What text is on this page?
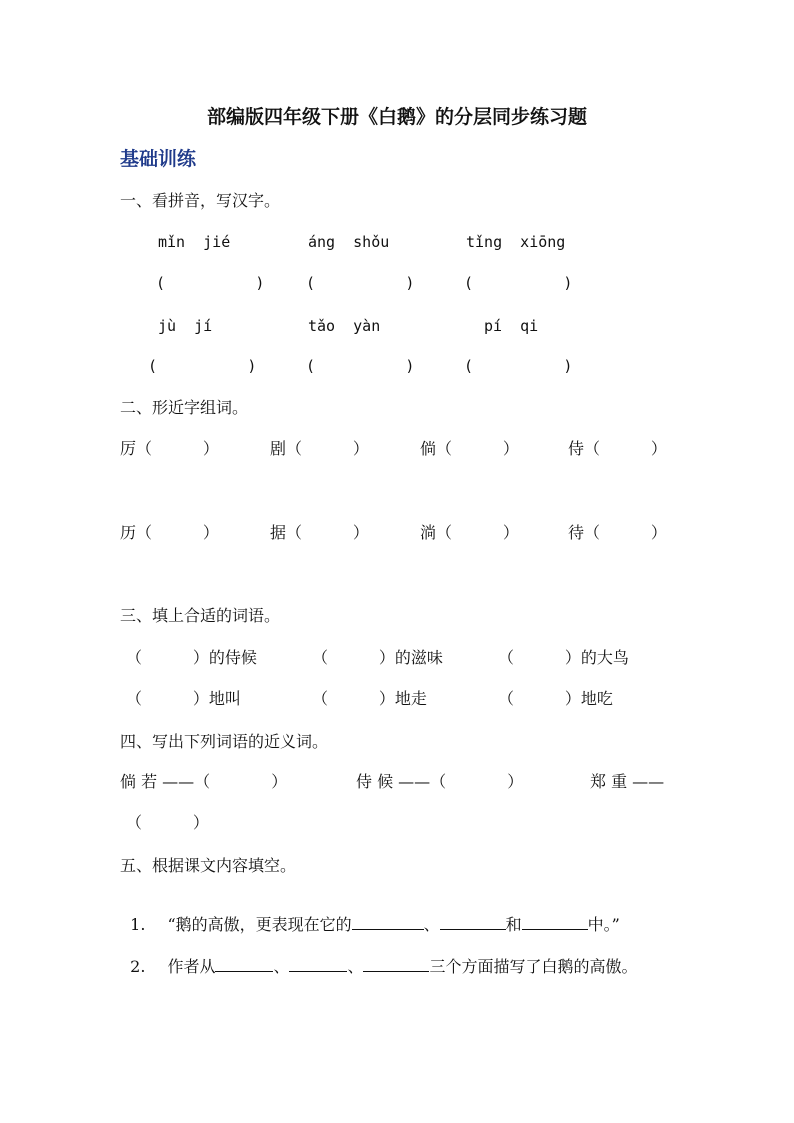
部编版四年级下册《白鹅》的分层同步练习题
基础训练
一、看拼音，写汉字。
mǐn  jié	áng  shǒu	tǐng  xiōng
(          )	(          )	(          )
jù  jí	tǎo  yàn	pí  qi
(          )	(          )	(          )
二、形近字组词。
厉（          ）	剧（          ）	倘（          ）	侍（          ）
历（          ）	据（          ）	淌（          ）	待（          ）
三、填上合适的词语。
（          ）的侍候	（          ）的滋味	（          ）的大鸟
（          ）地叫	（          ）地走	（          ）地吃
四、写出下列词语的近义词。
倘 若 ——（            ）	侍 候 ——（            ）	郑 重 ——
（          ）
五、根据课文内容填空。

1. “鹅的高傲，更表现在它的	、	和	中。”

2. 作者从	、	、	三个方面描写了白鹅的高傲。
